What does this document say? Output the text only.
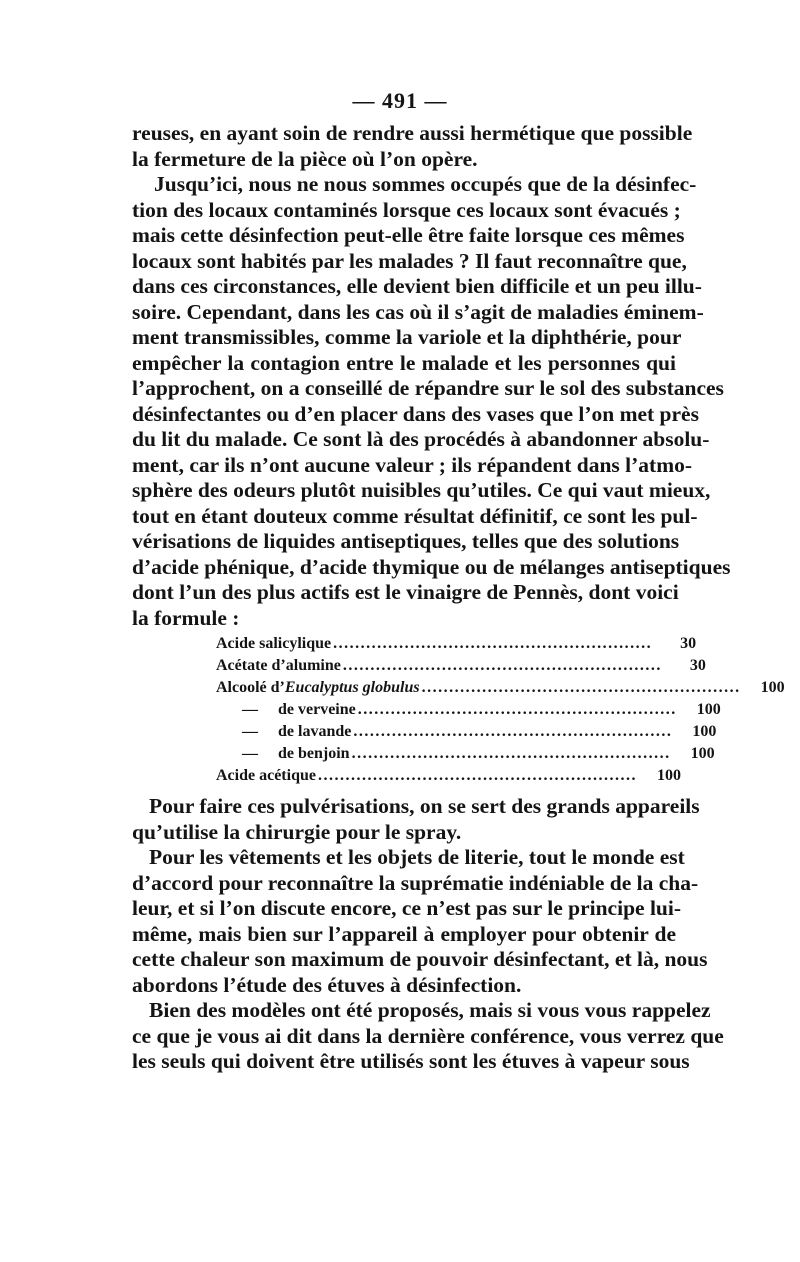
— 491 —
reuses, en ayant soin de rendre aussi hermétique que possible
la fermeture de la pièce où l’on opère.
Jusqu’ici, nous ne nous sommes occupés que de la désinfec-
tion des locaux contaminés lorsque ces locaux sont évacués ;
mais cette désinfection peut-elle être faite lorsque ces mêmes
locaux sont habités par les malades ? Il faut reconnaître que,
dans ces circonstances, elle devient bien difficile et un peu illu-
soire. Cependant, dans les cas où il s’agit de maladies éminem-
ment transmissibles, comme la variole et la diphthérie, pour
empêcher la contagion entre le malade et les personnes qui
l’approchent, on a conseillé de répandre sur le sol des substances
désinfectantes ou d’en placer dans des vases que l’on met près
du lit du malade. Ce sont là des procédés à abandonner absolu-
ment, car ils n’ont aucune valeur ; ils répandent dans l’atmo-
sphère des odeurs plutôt nuisibles qu’utiles. Ce qui vaut mieux,
tout en étant douteux comme résultat définitif, ce sont les pul-
vérisations de liquides antiseptiques, telles que des solutions
d’acide phénique, d’acide thymique ou de mélanges antiseptiques
dont l’un des plus actifs est le vinaigre de Pennès, dont voici
la formule :
Acide salicylique ..........................................................	30
Acétate d’alumine ..........................................................	30
Alcoolé d’Eucalyptus globulus ..........................................................	100
— de verveine ..........................................................	100
— de lavande ..........................................................	100
— de benjoin ..........................................................	100
Acide acétique ..........................................................	100
Pour faire ces pulvérisations, on se sert des grands appareils
qu’utilise la chirurgie pour le spray.
Pour les vêtements et les objets de literie, tout le monde est
d’accord pour reconnaître la suprématie indéniable de la cha-
leur, et si l’on discute encore, ce n’est pas sur le principe lui-
même, mais bien sur l’appareil à employer pour obtenir de
cette chaleur son maximum de pouvoir désinfectant, et là, nous
abordons l’étude des étuves à désinfection.
Bien des modèles ont été proposés, mais si vous vous rappelez
ce que je vous ai dit dans la dernière conférence, vous verrez que
les seuls qui doivent être utilisés sont les étuves à vapeur sous
